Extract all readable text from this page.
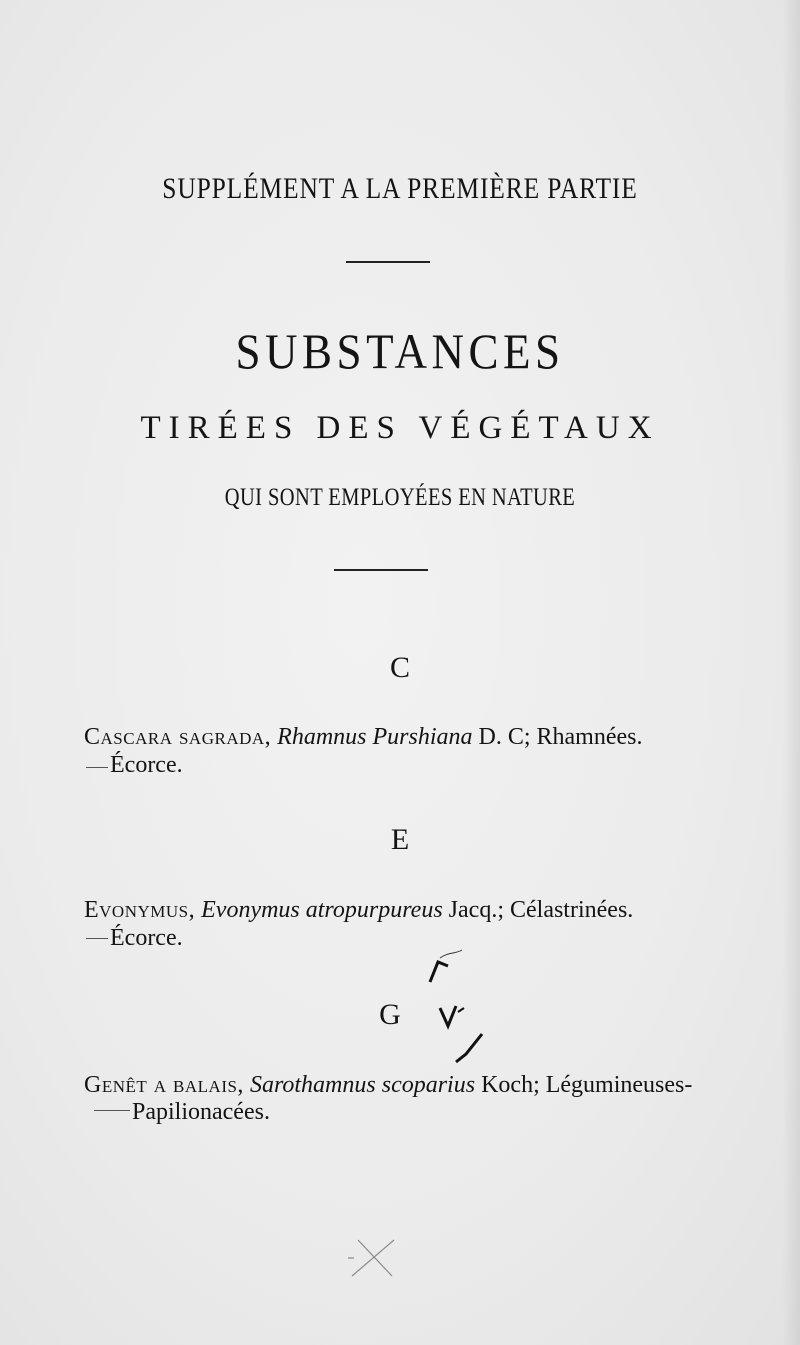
SUPPLÉMENT A LA PREMIÈRE PARTIE
SUBSTANCES
TIRÉES DES VÉGÉTAUX
QUI SONT EMPLOYÉES EN NATURE
C
Cascara sagrada, Rhamnus Purshiana D. C; Rhamnées.
Écorce.
E
Evonymus, Evonymus atropurpureus Jacq.; Célastrinées.
Écorce.
G
Genêt a balais, Sarothamnus scoparius Koch; Légumineuses-
Papilionacées.
